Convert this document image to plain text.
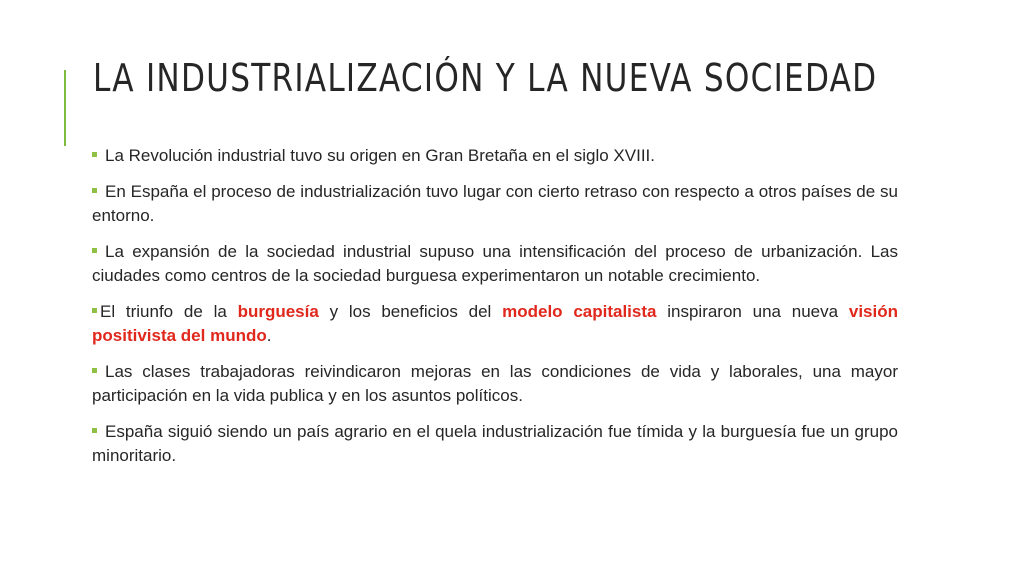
LA INDUSTRIALIZACIÓN Y LA NUEVA SOCIEDAD

La Revolución industrial tuvo su origen en Gran Bretaña en el siglo XVIII.

En España el proceso de industrialización tuvo lugar con cierto retraso con respecto a otros países de su entorno.

La expansión de la sociedad industrial supuso una intensificación del proceso de urbanización. Las ciudades como centros de la sociedad burguesa experimentaron un notable crecimiento.

El triunfo de la burguesía y los beneficios del modelo capitalista inspiraron una nueva visión positivista del mundo.

Las clases trabajadoras reivindicaron mejoras en las condiciones de vida y laborales, una mayor participación en la vida publica y en los asuntos políticos.

España siguió siendo un país agrario en el quela industrialización fue tímida y la burguesía fue un grupo minoritario.
